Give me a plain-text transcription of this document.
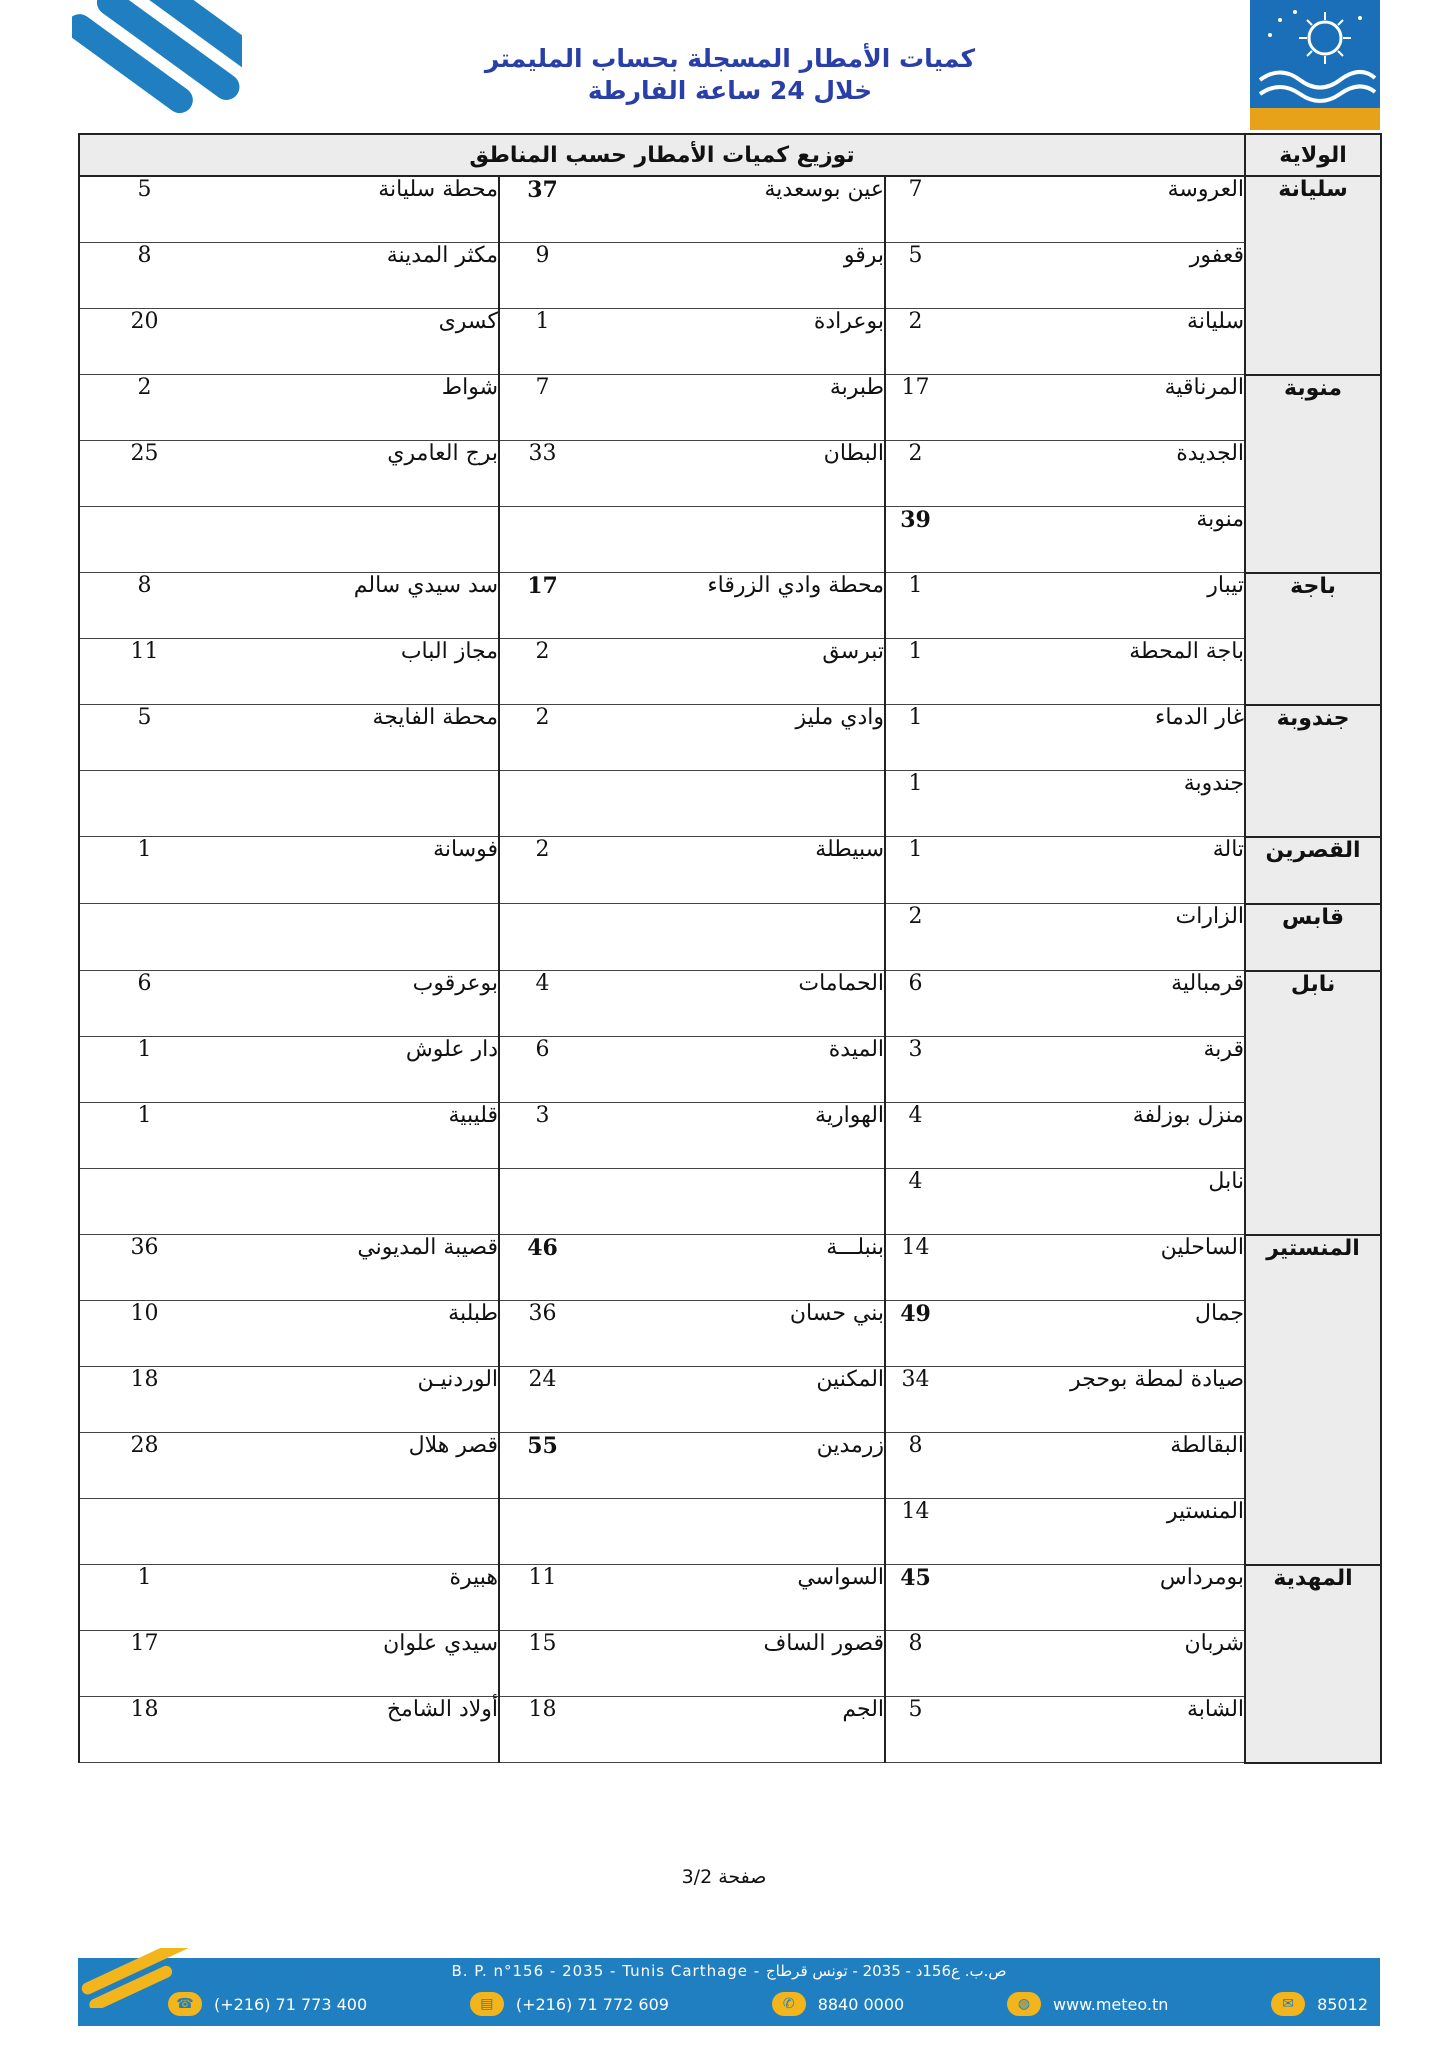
كميات الأمطار المسجلة بحساب المليمتر
خلال 24 ساعة الفارطة
الولاية	توزيع كميات الأمطار حسب المناطق					
سليانة	العروسة	7	عين بوسعدية	37	محطة سليانة	5
	قعفور	5	برقو	9	مكثر المدينة	8
	سليانة	2	بوعرادة	1	كسرى	20
منوبة	المرناقية	17	طبربة	7	شواط	2
	الجديدة	2	البطان	33	برج العامري	25
	منوبة	39				
باجة	تيبار	1	محطة وادي الزرقاء	17	سد سيدي سالم	8
	باجة المحطة	1	تبرسق	2	مجاز الباب	11
جندوبة	غار الدماء	1	وادي مليز	2	محطة الفايجة	5
	جندوبة	1				
القصرين	تالة	1	سبيطلة	2	فوسانة	1
قابس	الزارات	2				
نابل	قرمبالية	6	الحمامات	4	بوعرقوب	6
	قربة	3	الميدة	6	دار علوش	1
	منزل بوزلفة	4	الهوارية	3	قليبية	1
	نابل	4				
المنستير	الساحلين	14	بنبلـــة	46	قصيبة المديوني	36
	جمال	49	بني حسان	36	طبلبة	10
	صيادة لمطة بوحجر	34	المكنين	24	الوردنيـن	18
	البقالطة	8	زرمدين	55	قصر هلال	28
	المنستير	14				
المهدية	بومرداس	45	السواسي	11	هبيرة	1
	شربان	8	قصور الساف	15	سيدي علوان	17
	الشابة	5	الجم	18	أولاد الشامخ	18
صفحة 3/2
B. P. n°156 - 2035 - Tunis Carthage - ص.ب. ع156د - 2035 - تونس قرطاج
☎	(+216) 71 773 400	▤	(+216) 71 772 609	✆	8840 0000	◍	www.meteo.tn	✉	85012
